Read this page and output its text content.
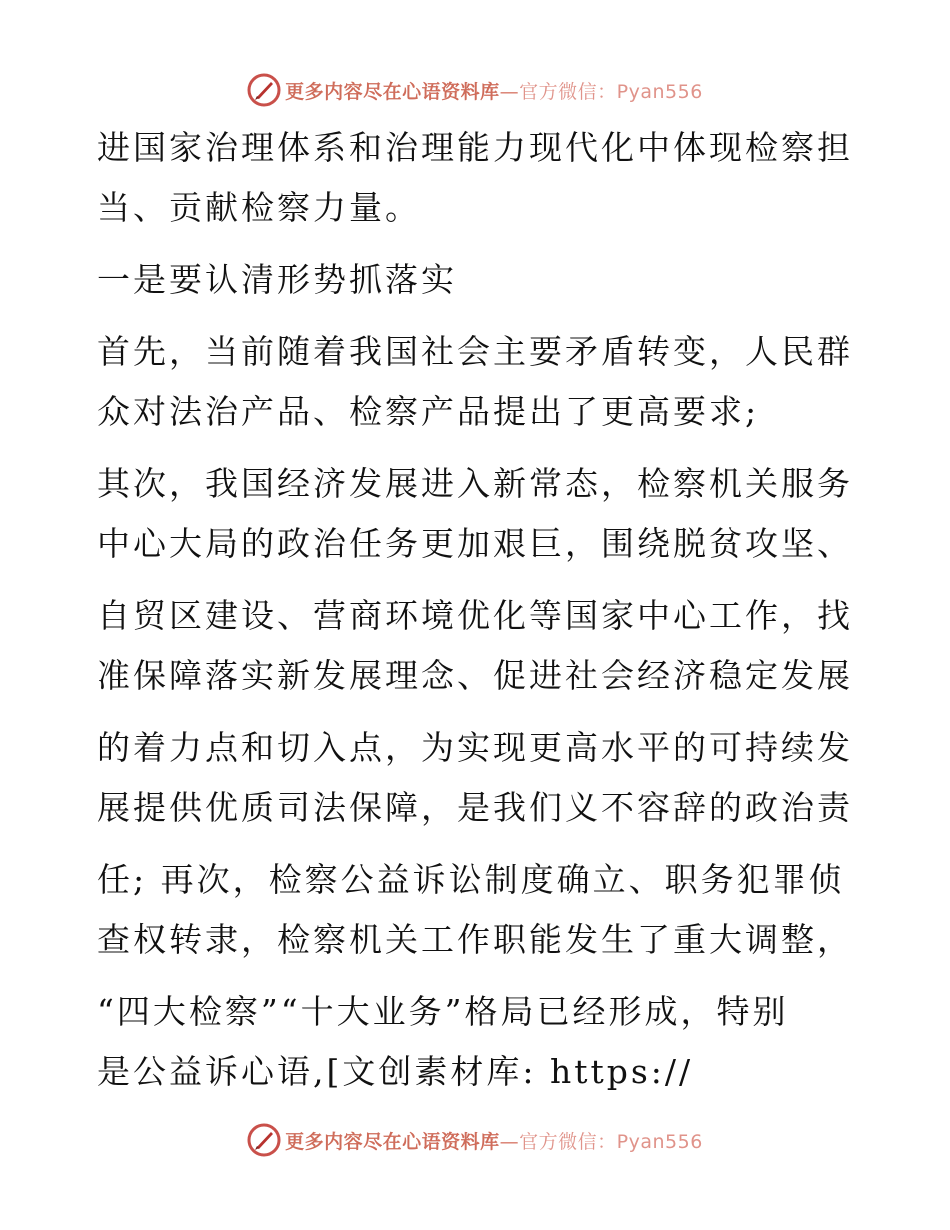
更多内容尽在心语资料库—官方微信：Pyan556
进国家治理体系和治理能力现代化中体现检察担
当、贡献检察力量。
一是要认清形势抓落实
首先，当前随着我国社会主要矛盾转变，人民群
众对法治产品、检察产品提出了更高要求;
其次，我国经济发展进入新常态，检察机关服务
中心大局的政治任务更加艰巨，围绕脱贫攻坚、
自贸区建设、营商环境优化等国家中心工作，找
准保障落实新发展理念、促进社会经济稳定发展
的着力点和切入点，为实现更高水平的可持续发
展提供优质司法保障，是我们义不容辞的政治责
任; 再次，检察公益诉讼制度确立、职务犯罪侦
查权转隶，检察机关工作职能发生了重大调整，
“四大检察”“十大业务”格局已经形成，特别
是公益诉心语,[文创素材库: https://
更多内容尽在心语资料库—官方微信：Pyan556
